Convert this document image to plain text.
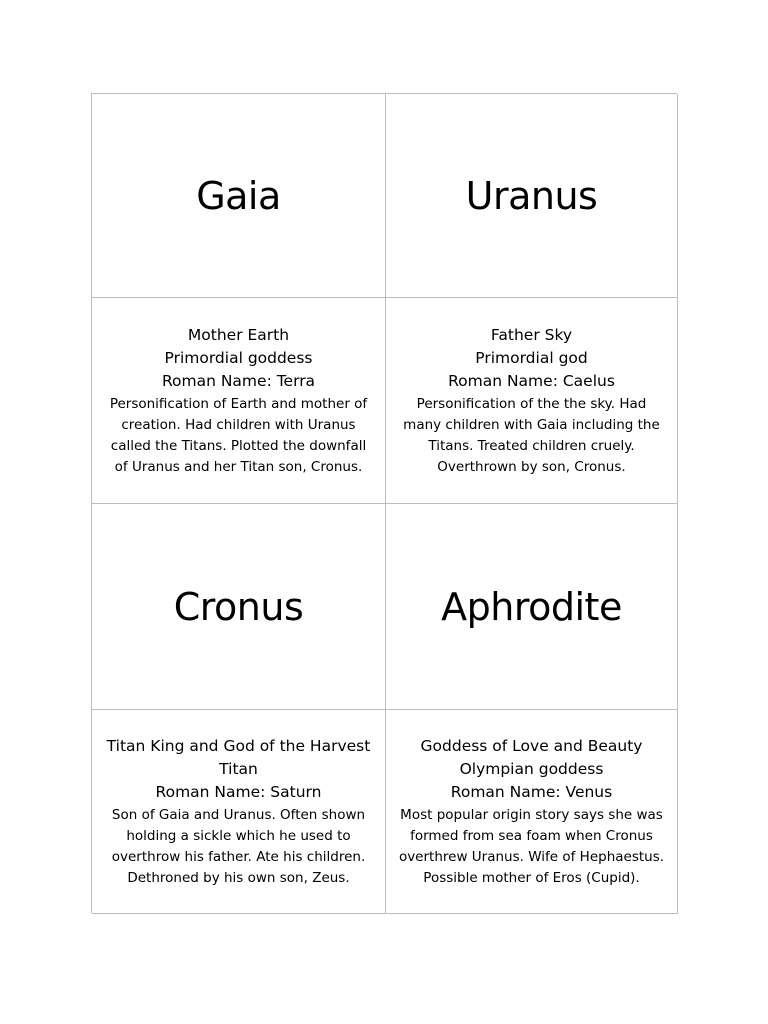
Gaia	Uranus
Mother Earth
Primordial goddess
Roman Name: Terra
Personification of Earth and mother of creation. Had children with Uranus called the Titans. Plotted the downfall of Uranus and her Titan son, Cronus.
Father Sky
Primordial god
Roman Name: Caelus
Personification of the the sky. Had many children with Gaia including the Titans. Treated children cruely. Overthrown by son, Cronus.
Cronus	Aphrodite
Titan King and God of the Harvest
Titan
Roman Name: Saturn
Son of Gaia and Uranus. Often shown holding a sickle which he used to overthrow his father. Ate his children. Dethroned by his own son, Zeus.
Goddess of Love and Beauty
Olympian goddess
Roman Name: Venus
Most popular origin story says she was formed from sea foam when Cronus overthrew Uranus. Wife of Hephaestus. Possible mother of Eros (Cupid).
